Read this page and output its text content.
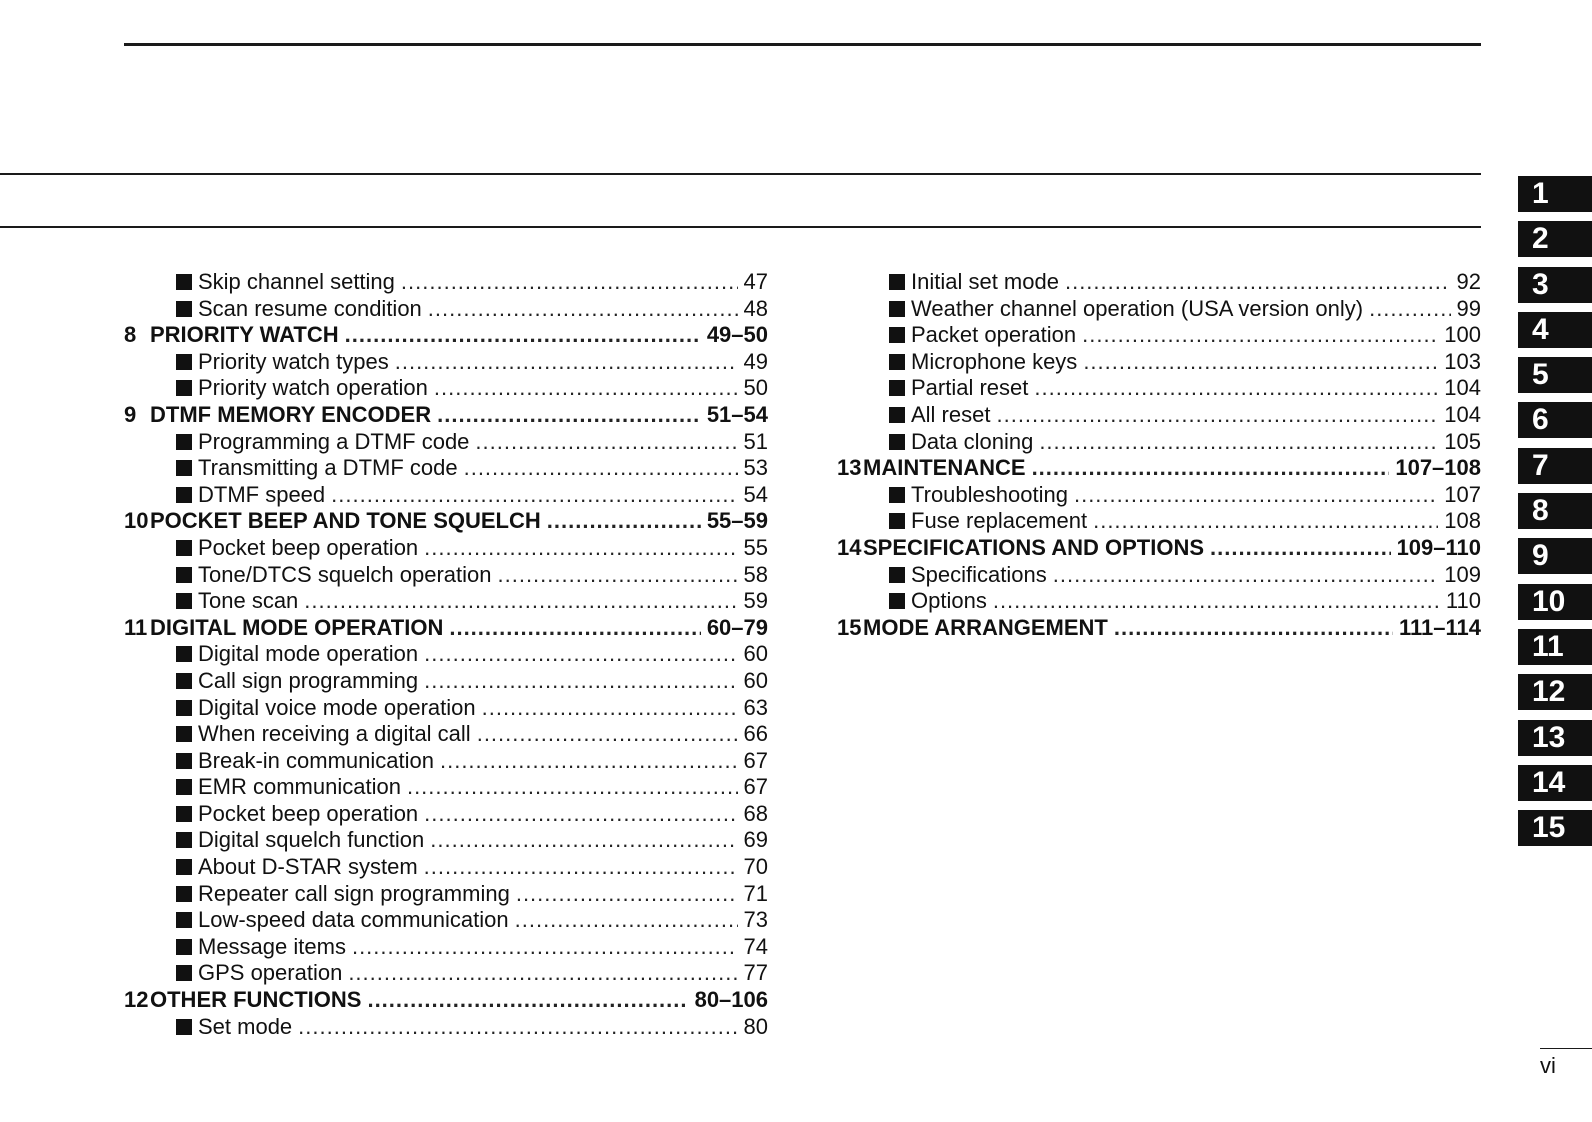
Skip channel setting .....	47
Scan resume condition .....	48
8 PRIORITY WATCH .....	49–50
Priority watch types .....	49
Priority watch operation .....	50
9 DTMF MEMORY ENCODER .....	51–54
Programming a DTMF code .....	51
Transmitting a DTMF code .....	53
DTMF speed .....	54
10 POCKET BEEP AND TONE SQUELCH .....	55–59
Pocket beep operation .....	55
Tone/DTCS squelch operation .....	58
Tone scan .....	59
11 DIGITAL MODE OPERATION .....	60–79
Digital mode operation .....	60
Call sign programming .....	60
Digital voice mode operation .....	63
When receiving a digital call .....	66
Break-in communication .....	67
EMR communication .....	67
Pocket beep operation .....	68
Digital squelch function .....	69
About D-STAR system .....	70
Repeater call sign programming .....	71
Low-speed data communication .....	73
Message items .....	74
GPS operation .....	77
12 OTHER FUNCTIONS .....	80–106
Set mode .....	80
Initial set mode .....	92
Weather channel operation (USA version only) .....	99
Packet operation .....	100
Microphone keys .....	103
Partial reset .....	104
All reset .....	104
Data cloning .....	105
13 MAINTENANCE .....	107–108
Troubleshooting .....	107
Fuse replacement .....	108
14 SPECIFICATIONS AND OPTIONS .....	109–110
Specifications .....	109
Options .....	110
15 MODE ARRANGEMENT .....	111–114
1
2
3
4
5
6
7
8
9
10
11
12
13
14
15
vi
